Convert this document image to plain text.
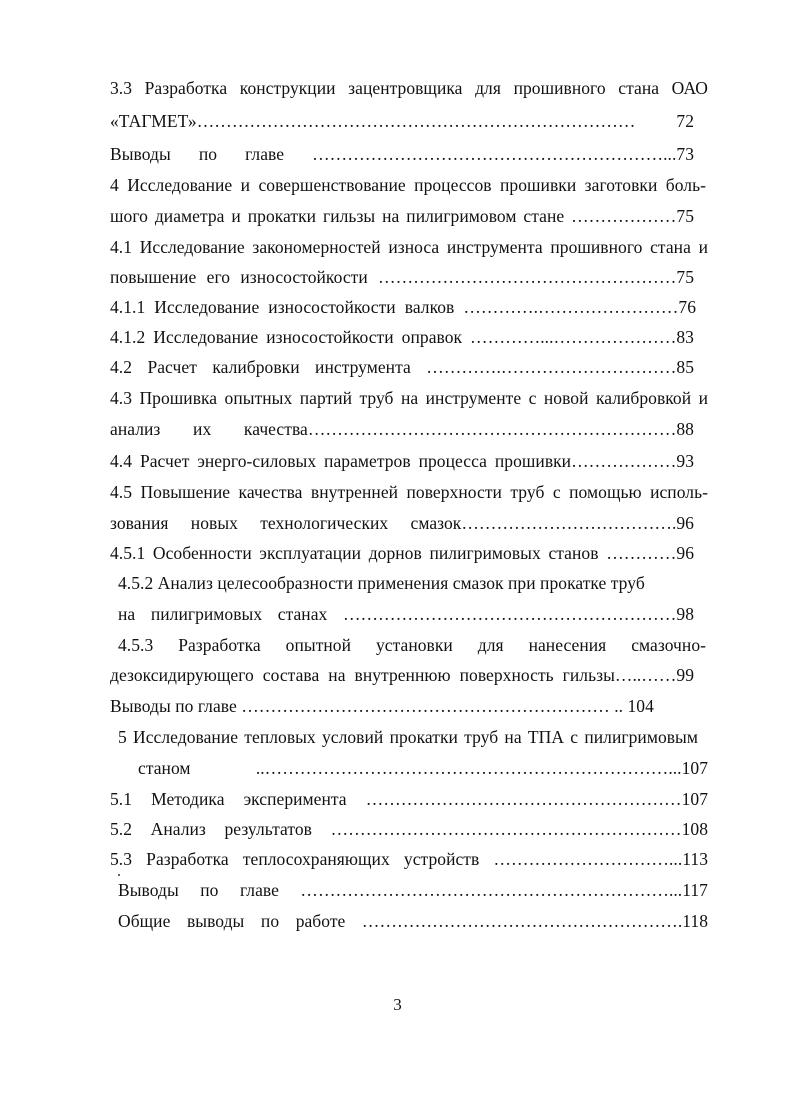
3.3 Разработка конструкции зацентровщика для прошивного стана ОАО
«ТАГМЕТ»………………………………………………………………… 72
Выводы по главе ……………………………………………………...73
4 Исследование и совершенствование процессов прошивки заготовки боль-
шого диаметра и прокатки гильзы на пилигримовом стане ………………75
4.1 Исследование закономерностей износа инструмента прошивного стана и
повышение его износостойкости ……………………………………………75
4.1.1 Исследование износостойкости валков ………….……………………76
4.1.2 Исследование износостойкости оправок …………...…………………83
4.2 Расчет калибровки инструмента ………….…………………………85
4.3 Прошивка опытных партий труб на инструменте с новой калибровкой и
анализ их качества………………………………………………………88
4.4 Расчет энерго-силовых параметров процесса прошивки………………93
4.5 Повышение качества внутренней поверхности труб с помощью исполь-
зования новых технологических смазок……………………………….96
4.5.1 Особенности эксплуатации дорнов пилигримовых станов …………96
4.5.2 Анализ целесообразности применения смазок при прокатке труб
на пилигримовых станах …………………………………………………98
4.5.3 Разработка опытной установки для нанесения смазочно-
дезоксидирующего состава на внутреннюю поверхность гильзы…..……99
Выводы по главе ……………………………………………………… .. 104
5 Исследование тепловых условий прокатки труб на ТПА с пилигримовым
станом ..……………………………………………………………...107
5.1 Методика эксперимента ………………………………………………107
5.2 Анализ результатов ……………………………………………………108
5.3 Разработка теплосохраняющих устройств …………………………...113
Выводы по главе ………………………………………………………...117
Общие выводы по работе ……………………………………………….118
3
